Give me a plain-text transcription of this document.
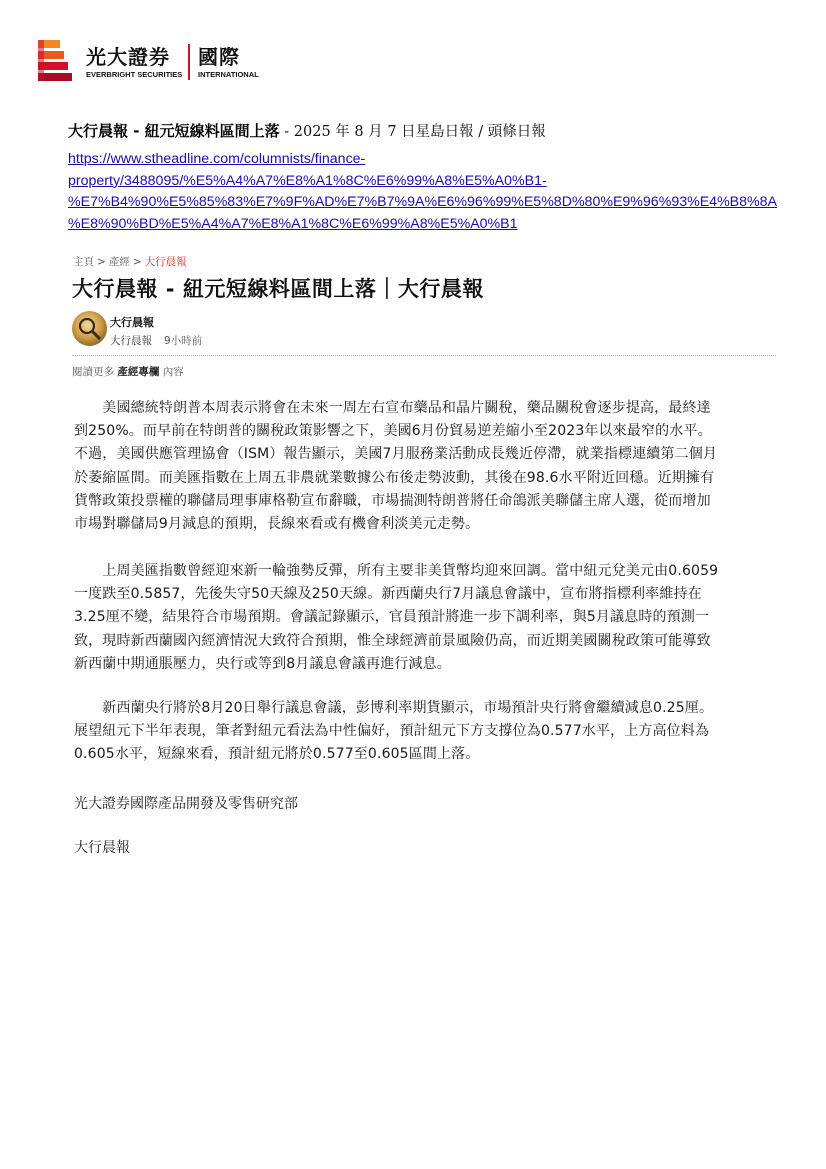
光大證券 國際
EVERBRIGHT SECURITIES INTERNATIONAL
大行晨報 - 紐元短線料區間上落 - 2025 年 8 月 7 日星島日報 / 頭條日報
https://www.stheadline.com/columnists/finance-
property/3488095/%E5%A4%A7%E8%A1%8C%E6%99%A8%E5%A0%B1-
%E7%B4%90%E5%85%83%E7%9F%AD%E7%B7%9A%E6%96%99%E5%8D%80%E9%96%93%E4%B8%8A
%E8%90%BD%E5%A4%A7%E8%A1%8C%E6%99%A8%E5%A0%B1
主頁 > 產經 > 大行晨報
大行晨報 - 紐元短線料區間上落｜大行晨報
大行晨報
大行晨報 9小時前
閱讀更多 產經專欄 內容
　　美國總統特朗普本周表示將會在未來一周左右宣布藥品和晶片關稅，藥品關稅會逐步提高，最終達
到250%。而早前在特朗普的關稅政策影響之下，美國6月份貿易逆差縮小至2023年以來最窄的水平。
不過，美國供應管理協會（ISM）報告顯示，美國7月服務業活動成長幾近停滯，就業指標連續第二個月
於萎縮區間。而美匯指數在上周五非農就業數據公布後走勢波動，其後在98.6水平附近回穩。近期擁有
貨幣政策投票權的聯儲局理事庫格勒宣布辭職，市場揣測特朗普將任命鴿派美聯儲主席人選，從而增加
市場對聯儲局9月減息的預期，長線來看或有機會利淡美元走勢。
　　上周美匯指數曾經迎來新一輪強勢反彈，所有主要非美貨幣均迎來回調。當中紐元兌美元由0.6059
一度跌至0.5857，先後失守50天線及250天線。新西蘭央行7月議息會議中，宣布將指標利率維持在
3.25厘不變，結果符合市場預期。會議記錄顯示，官員預計將進一步下調利率，與5月議息時的預測一
致，現時新西蘭國內經濟情況大致符合預期，惟全球經濟前景風險仍高，而近期美國關稅政策可能導致
新西蘭中期通脹壓力，央行或等到8月議息會議再進行減息。
　　新西蘭央行將於8月20日舉行議息會議，彭博利率期貨顯示，市場預計央行將會繼續減息0.25厘。
展望紐元下半年表現，筆者對紐元看法為中性偏好，預計紐元下方支撐位為0.577水平，上方高位料為
0.605水平，短線來看，預計紐元將於0.577至0.605區間上落。
光大證券國際產品開發及零售研究部
大行晨報
